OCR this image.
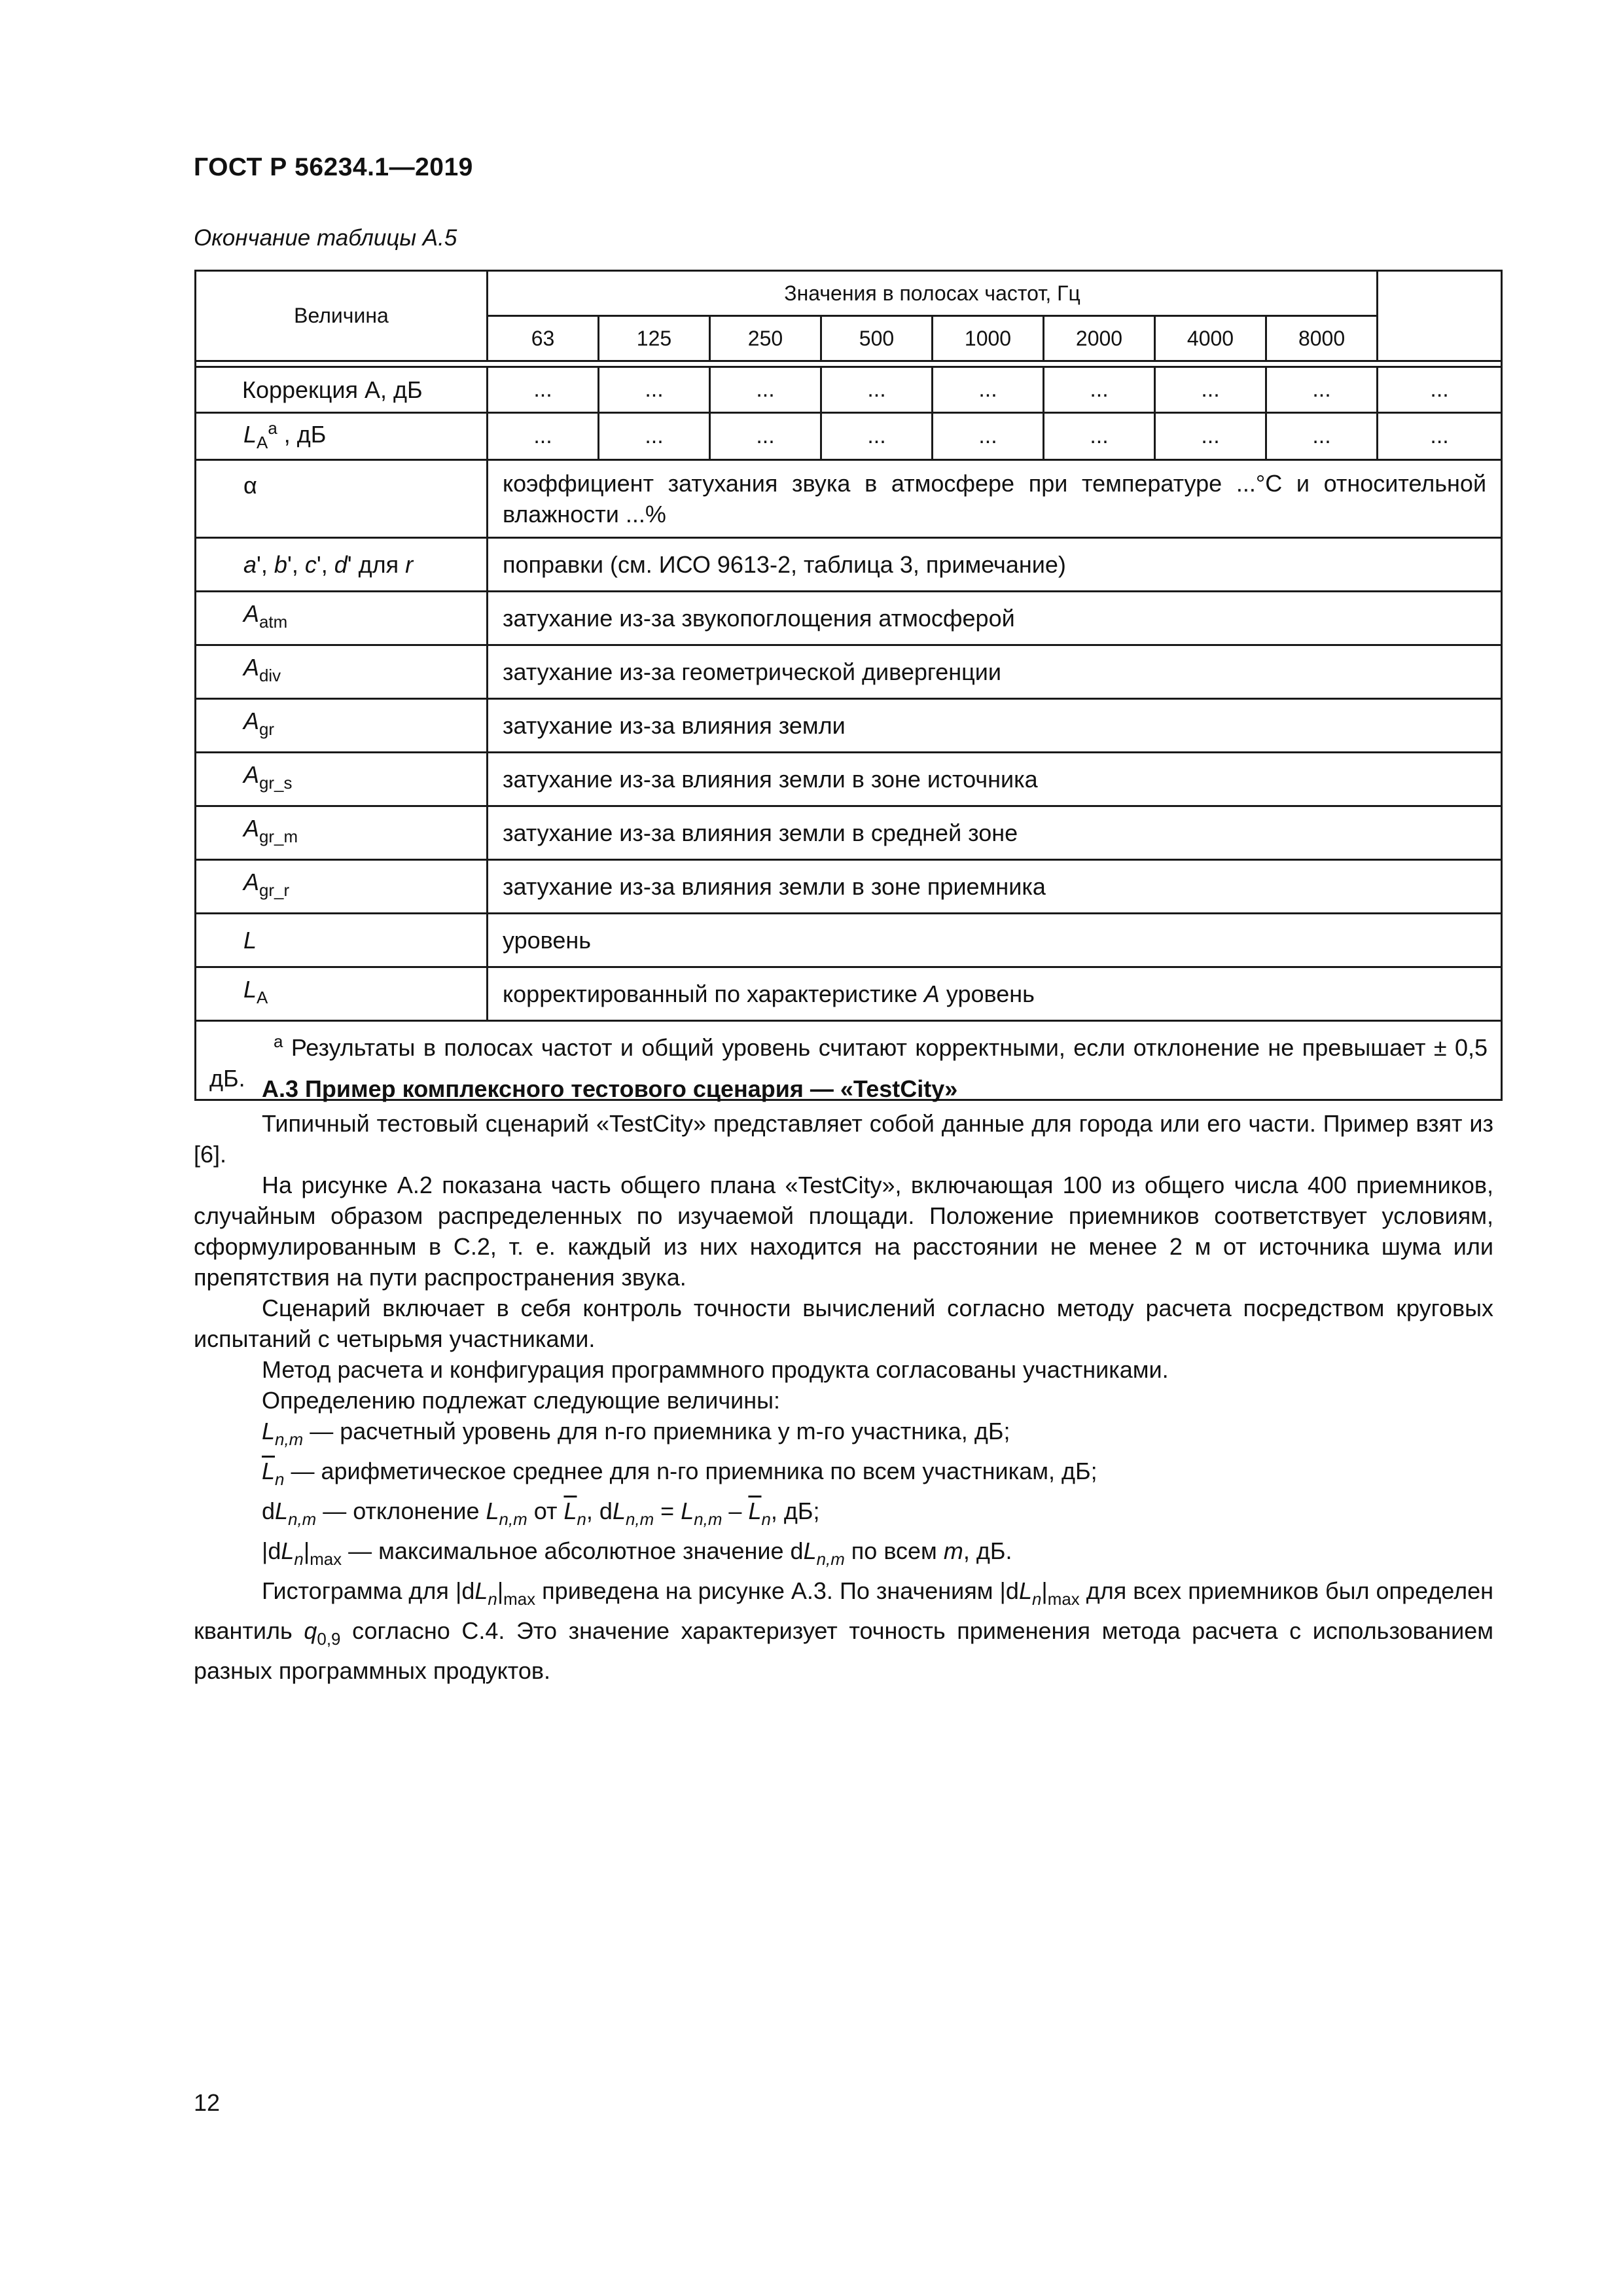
ГОСТ Р 56234.1—2019
Окончание таблицы А.5
Величина	Значения в полосах частот, Гц								
	63	125	250	500	1000	2000	4000	8000	

Коррекция А, дБ	...	...	...	...	...	...	...	...	...
$L_A^a$ , дБ	...	...	...	...	...	...	...	...	...
α	коэффициент затухания звука в атмосфере при температуре ...°С и относительной влажности ...%								
a', b', c', d' для r	поправки (см. ИСО 9613-2, таблица 3, примечание)								
$A_{atm}$	затухание из-за звукопоглощения атмосферой								
$A_{div}$	затухание из-за геометрической дивергенции								
$A_{gr}$	затухание из-за влияния земли								
$A_{gr\_s}$	затухание из-за влияния земли в зоне источника								
$A_{gr\_m}$	затухание из-за влияния земли в средней зоне								
$A_{gr\_r}$	затухание из-за влияния земли в зоне приемника								
L	уровень								
$L_A$	корректированный по характеристике A уровень								
$^а$ Результаты в полосах частот и общий уровень считают корректными, если отклонение не превышает ± 0,5 дБ.									А.3 Пример комплексного тестового сценария — «TestCity»

Типичный тестовый сценарий «TestCity» представляет собой данные для города или его части. Пример взят из [6].

На рисунке А.2 показана часть общего плана «TestCity», включающая 100 из общего числа 400 приемников, случайным образом распределенных по изучаемой площади. Положение приемников соответствует условиям, сформулированным в С.2, т. е. каждый из них находится на расстоянии не менее 2 м от источника шума или препятствия на пути распространения звука.

Сценарий включает в себя контроль точности вычислений согласно методу расчета посредством круговых испытаний с четырьмя участниками.

Метод расчета и конфигурация программного продукта согласованы участниками.

Определению подлежат следующие величины:

$L_{n,m}$ — расчетный уровень для n-го приемника у m-го участника, дБ;

$\overline{L}_n$ — арифметическое среднее для n-го приемника по всем участникам, дБ;

$dL_{n,m}$ — отклонение $L_{n,m}$ от $\overline{L}_n$, $dL_{n,m} = L_{n,m} - \overline{L}_n$, дБ;

$|dL_n|_{max}$ — максимальное абсолютное значение $dL_{n,m}$ по всем m, дБ.

Гистограмма для $|dL_n|_{max}$ приведена на рисунке А.3. По значениям $|dL_n|_{max}$ для всех приемников был определен квантиль $q_{0,9}$ согласно С.4. Это значение характеризует точность применения метода расчета с использованием разных программных продуктов.

12
